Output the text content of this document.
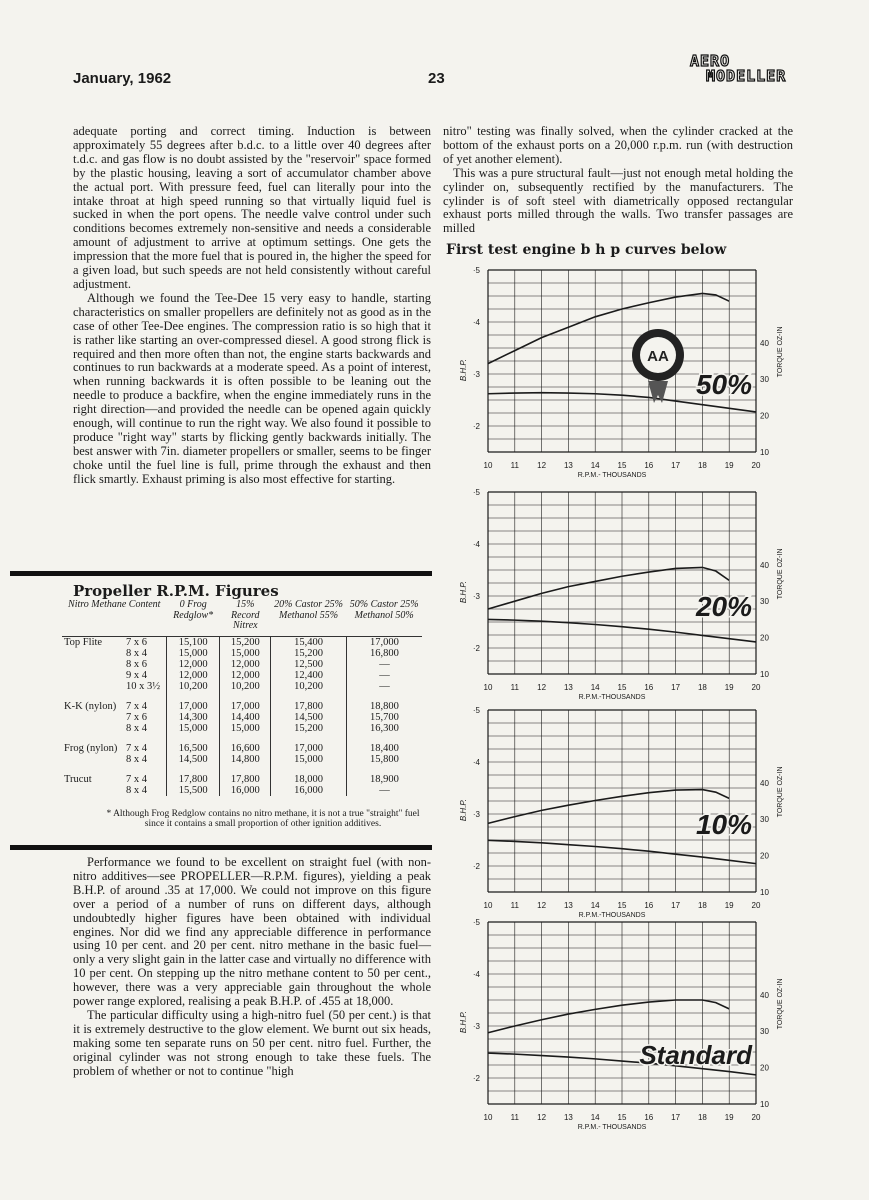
January, 1962	23
AERO
MODELLER

adequate porting and correct timing. Induction is between approximately 55 degrees after b.d.c. to a little over 40 degrees after t.d.c. and gas flow is no doubt assisted by the "reservoir" space formed by the plastic housing, leaving a sort of accumulator chamber above the actual port. With pressure feed, fuel can literally pour into the intake throat at high speed running so that virtually liquid fuel is sucked in when the port opens. The needle valve control under such conditions becomes extremely non-sensitive and needs a considerable amount of adjustment to arrive at optimum settings. One gets the impression that the more fuel that is poured in, the higher the speed for a given load, but such speeds are not held consistently without careful adjustment.

Although we found the Tee-Dee 15 very easy to handle, starting characteristics on smaller propellers are definitely not as good as in the case of other Tee-Dee engines. The compression ratio is so high that it is rather like starting an over-compressed diesel. A good strong flick is required and then more often than not, the engine starts backwards and continues to run backwards at a moderate speed. As a point of interest, when running backwards it is often possible to be leaning out the needle to produce a backfire, when the engine immediately runs in the right direction—and provided the needle can be opened again quickly enough, will continue to run the right way. We also found it possible to produce "right way" starts by flicking gently backwards initially. The best answer with 7in. diameter propellers or smaller, seems to be finger choke until the fuel line is full, prime through the exhaust and then flick smartly. Exhaust priming is also most effective for starting.

nitro" testing was finally solved, when the cylinder cracked at the bottom of the exhaust ports on a 20,000 r.p.m. run (with destruction of yet another element).

This was a pure structural fault—just not enough metal holding the cylinder on, subsequently rectified by the manufacturers. The cylinder is of soft steel with diametrically opposed rectangular exhaust ports milled through the walls. Two transfer passages are milled

Propeller R.P.M. Figures
Nitro Methane Content		0 Frog Redglow*	15% Record Nitrex	20% Castor 25% Methanol 55%	50% Castor 25% Methanol 50%
Top Flite	7 x 6	15,100	15,200	15,400	17,000
	8 x 4	15,000	15,000	15,200	16,800
	8 x 6	12,000	12,000	12,500	—
	9 x 4	12,000	12,000	12,400	—
	10 x 3½	10,200	10,200	10,200	—
K-K (nylon)	7 x 4	17,000	17,000	17,800	18,800
	7 x 6	14,300	14,400	14,500	15,700
	8 x 4	15,000	15,000	15,200	16,300
Frog (nylon)	7 x 4	16,500	16,600	17,000	18,400
	8 x 4	14,500	14,800	15,000	15,800
Trucut	7 x 4	17,800	17,800	18,000	18,900
	8 x 4	15,500	16,000	16,000	—
* Although Frog Redglow contains no nitro methane, it is not a true "straight" fuel since it contains a small proportion of other ignition additives.

Performance we found to be excellent on straight fuel (with non-nitro additives—see PROPELLER—R.P.M. figures), yielding a peak B.H.P. of around .35 at 17,000. We could not improve on this figure over a period of a number of runs on different days, although undoubtedly higher figures have been obtained with individual engines. Nor did we find any appreciable difference in performance using 10 per cent. and 20 per cent. nitro methane in the basic fuel—only a very slight gain in the latter case and virtually no difference with 10 per cent. On stepping up the nitro methane content to 50 per cent., however, there was a very appreciable gain throughout the whole power range explored, realising a peak B.H.P. of .455 at 18,000.

The particular difficulty using a high-nitro fuel (50 per cent.) is that it is extremely destructive to the glow element. We burnt out six heads, making some ten separate runs on 50 per cent. nitro fuel. Further, the original cylinder was not strong enough to take these fuels. The problem of whether or not to continue "high

First test engine b h p curves below
10 11 12 13 14 15 16 17 18 19 20
·2
·3
·4
·5
10
20
30
40
R.P.M.- THOUSANDS
B.H.P.	TORQUE OZ-IN
50%
10 11 12 13 14 15 16 17 18 19 20
·2
·3
·4
·5
10
20
30
40
R.P.M.-THOUSANDS
B.H.P.	TORQUE OZ-IN
20%
10 11 12 13 14 15 16 17 18 19 20
·2
·3
·4
·5
10
20
30
40
R.P.M.-THOUSANDS
B.H.P.	TORQUE OZ-IN
10%
10 11 12 13 14 15 16 17 18 19 20
·2
·3
·4
·5
10
20
30
40
R.P.M.- THOUSANDS
B.H.P.	TORQUE OZ-IN
Standard
AA
